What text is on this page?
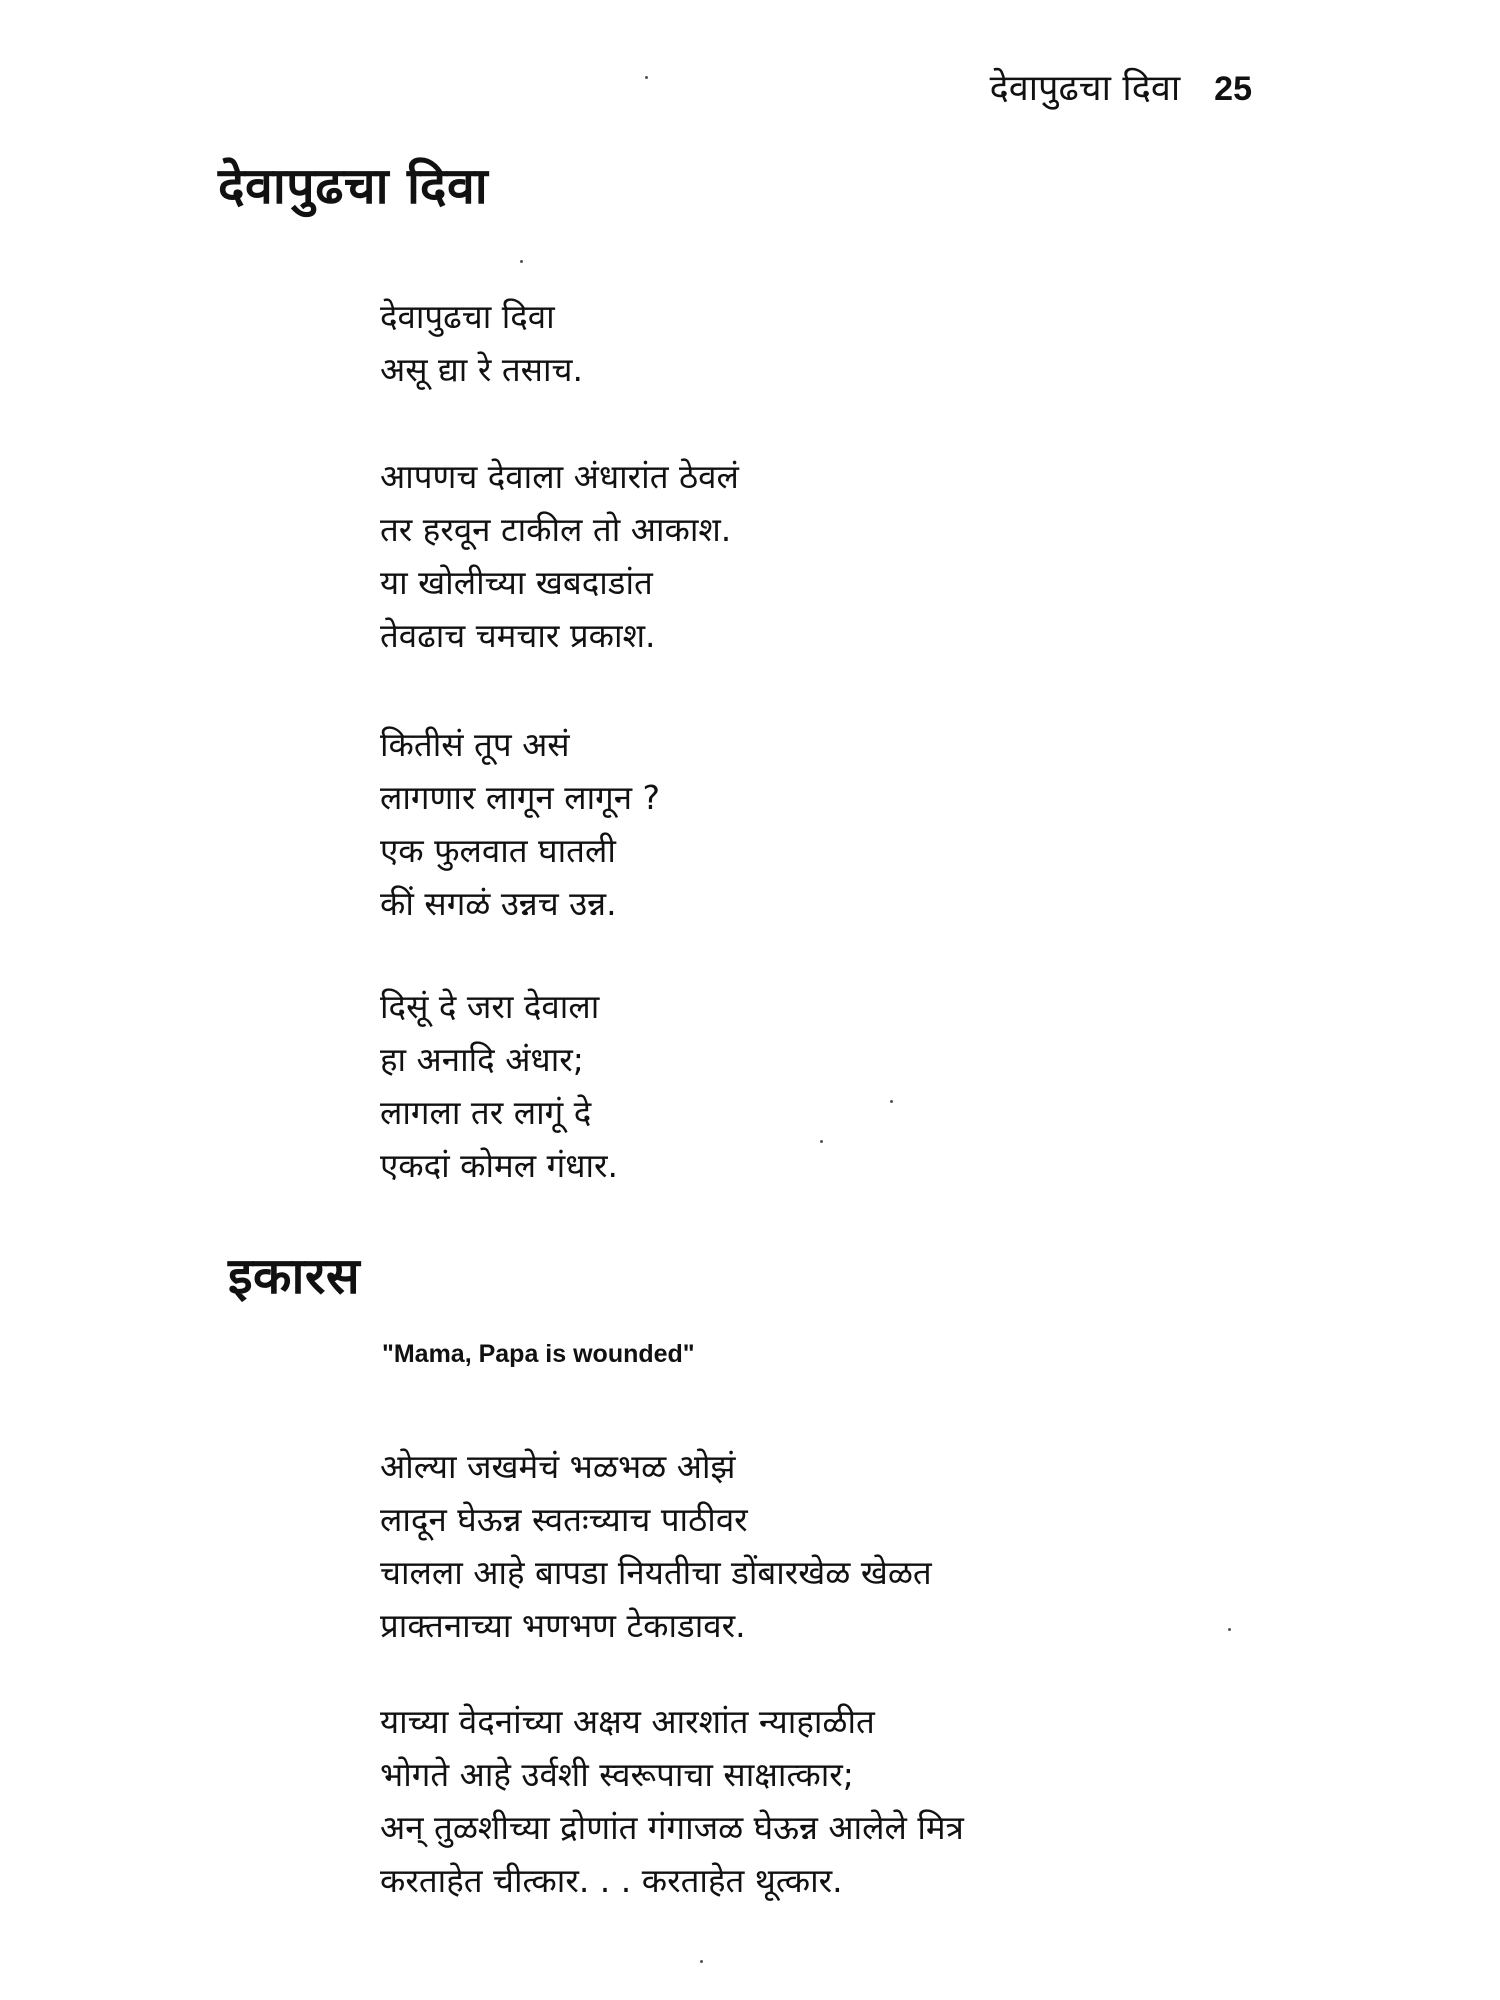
देवापुढचा दिवा 25
देवापुढचा दिवा
देवापुढचा दिवा
असू द्या रे तसाच.
आपणच देवाला अंधारांत ठेवलं
तर हरवून टाकील तो आकाश.
या खोलीच्या खबदाडांत
तेवढाच चमचार प्रकाश.
कितीसं तूप असं
लागणार लागून लागून ?
एक फुलवात घातली
कीं सगळं उन्नच उन्न.
दिसूं दे जरा देवाला
हा अनादि अंधार;
लागला तर लागूं दे
एकदां कोमल गंधार.
इकारस
"Mama, Papa is wounded"
ओल्या जखमेचं भळभळ ओझं
लादून घेऊन्न स्वतःच्याच पाठीवर
चालला आहे बापडा नियतीचा डोंबारखेळ खेळत
प्राक्तनाच्या भणभण टेकाडावर.
याच्या वेदनांच्या अक्षय आरशांत न्याहाळीत
भोगते आहे उर्वशी स्वरूपाचा साक्षात्कार;
अन् तुळशीच्या द्रोणांत गंगाजळ घेऊन्न आलेले मित्र
करताहेत चीत्कार. . . करताहेत थूत्कार.
